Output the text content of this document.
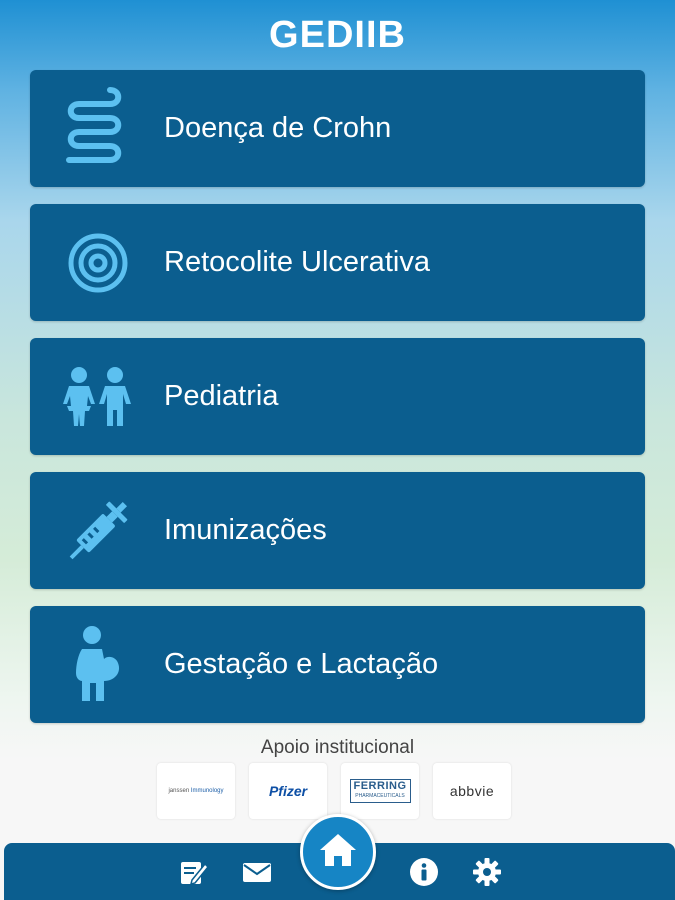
GEDIIB
Doença de Crohn
Retocolite Ulcerativa
Pediatria
Imunizações
Gestação e Lactação
Apoio institucional
janssen Immunology	Pfizer	FERRING
PHARMACEUTICALS	abbvie
